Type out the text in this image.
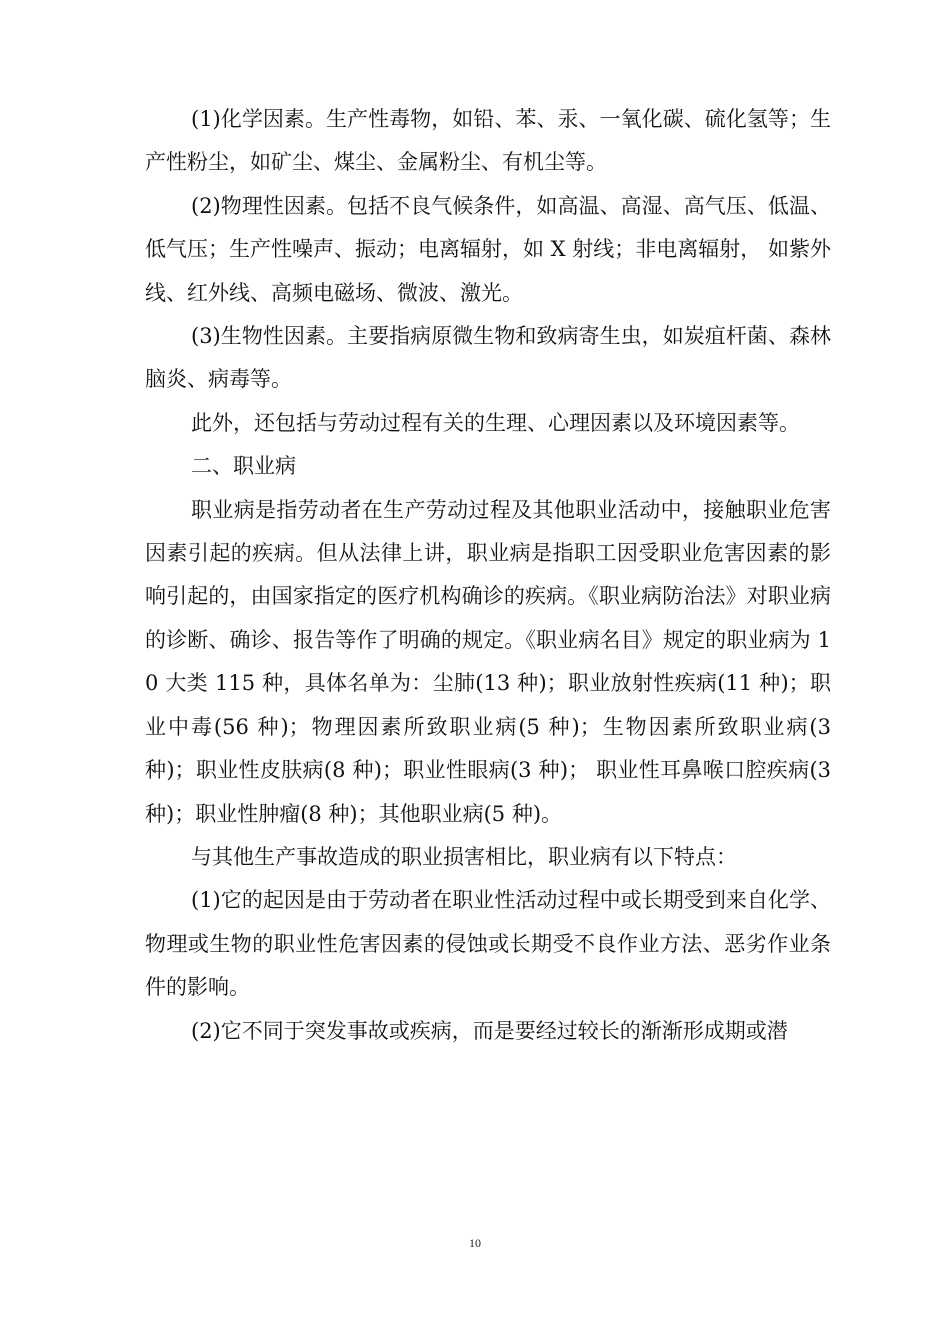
(1)化学因素。生产性毒物，如铅、苯、汞、一氧化碳、硫化氢等；生产性粉尘，如矿尘、煤尘、金属粉尘、有机尘等。

(2)物理性因素。包括不良气候条件，如高温、高湿、高气压、低温、低气压；生产性噪声、振动；电离辐射，如 X 射线；非电离辐射， 如紫外线、红外线、高频电磁场、微波、激光。

(3)生物性因素。主要指病原微生物和致病寄生虫，如炭疽杆菌、森林脑炎、病毒等。

此外，还包括与劳动过程有关的生理、心理因素以及环境因素等。

二、职业病

职业病是指劳动者在生产劳动过程及其他职业活动中，接触职业危害因素引起的疾病。但从法律上讲，职业病是指职工因受职业危害因素的影响引起的，由国家指定的医疗机构确诊的疾病。《职业病防治法》对职业病的诊断、确诊、报告等作了明确的规定。《职业病名目》规定的职业病为 10 大类 115 种，具体名单为：尘肺(13 种)；职业放射性疾病(11 种)；职业中毒(56 种)；物理因素所致职业病(5 种)；生物因素所致职业病(3 种)；职业性皮肤病(8 种)；职业性眼病(3 种)； 职业性耳鼻喉口腔疾病(3 种)；职业性肿瘤(8 种)；其他职业病(5 种)。

与其他生产事故造成的职业损害相比，职业病有以下特点：

(1)它的起因是由于劳动者在职业性活动过程中或长期受到来自化学、物理或生物的职业性危害因素的侵蚀或长期受不良作业方法、恶劣作业条件的影响。

(2)它不同于突发事故或疾病，而是要经过较长的渐渐形成期或潜

10
